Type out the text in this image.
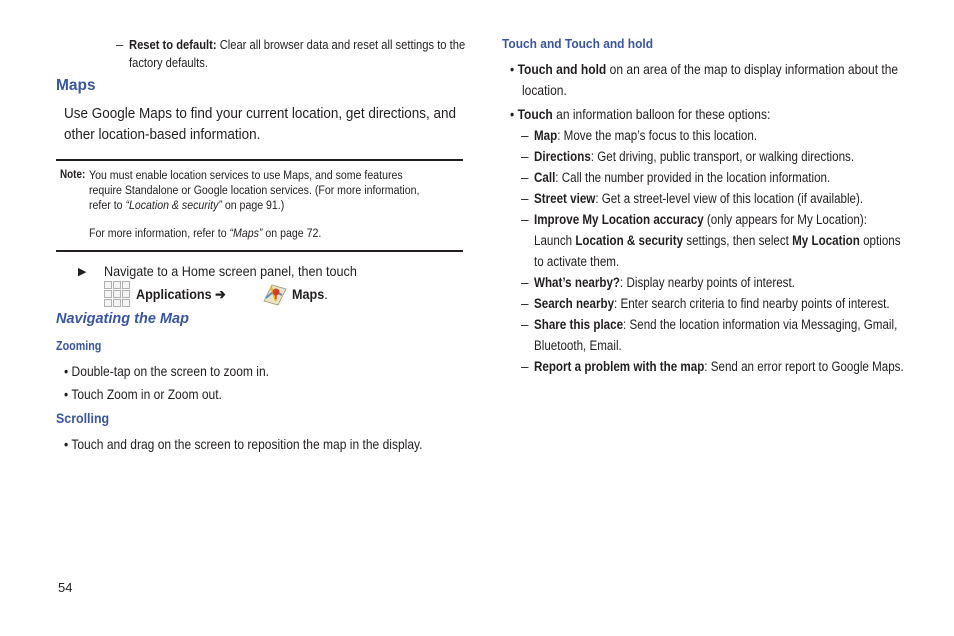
– Reset to default: Clear all browser data and reset all settings to the
factory defaults.
Maps
Use Google Maps to find your current location, get directions, and
other location-based information.
Note: You must enable location services to use Maps, and some features
require Standalone or Google location services. (For more information,
refer to “Location & security” on page 91.)
For more information, refer to “Maps” on page 72.
▶ Navigate to a Home screen panel, then touch
Applications ➔	Maps.
Navigating the Map
Zooming
• Double-tap on the screen to zoom in.
• Touch Zoom in or Zoom out.
Scrolling
• Touch and drag on the screen to reposition the map in the display.
54
Touch and Touch and hold
• Touch and hold on an area of the map to display information about the
location.
• Touch an information balloon for these options:
– Map: Move the map’s focus to this location.
– Directions: Get driving, public transport, or walking directions.
– Call: Call the number provided in the location information.
– Street view: Get a street-level view of this location (if available).
– Improve My Location accuracy (only appears for My Location):
Launch Location & security settings, then select My Location options
to activate them.
– What’s nearby?: Display nearby points of interest.
– Search nearby: Enter search criteria to find nearby points of interest.
– Share this place: Send the location information via Messaging, Gmail,
Bluetooth, Email.
– Report a problem with the map: Send an error report to Google Maps.
